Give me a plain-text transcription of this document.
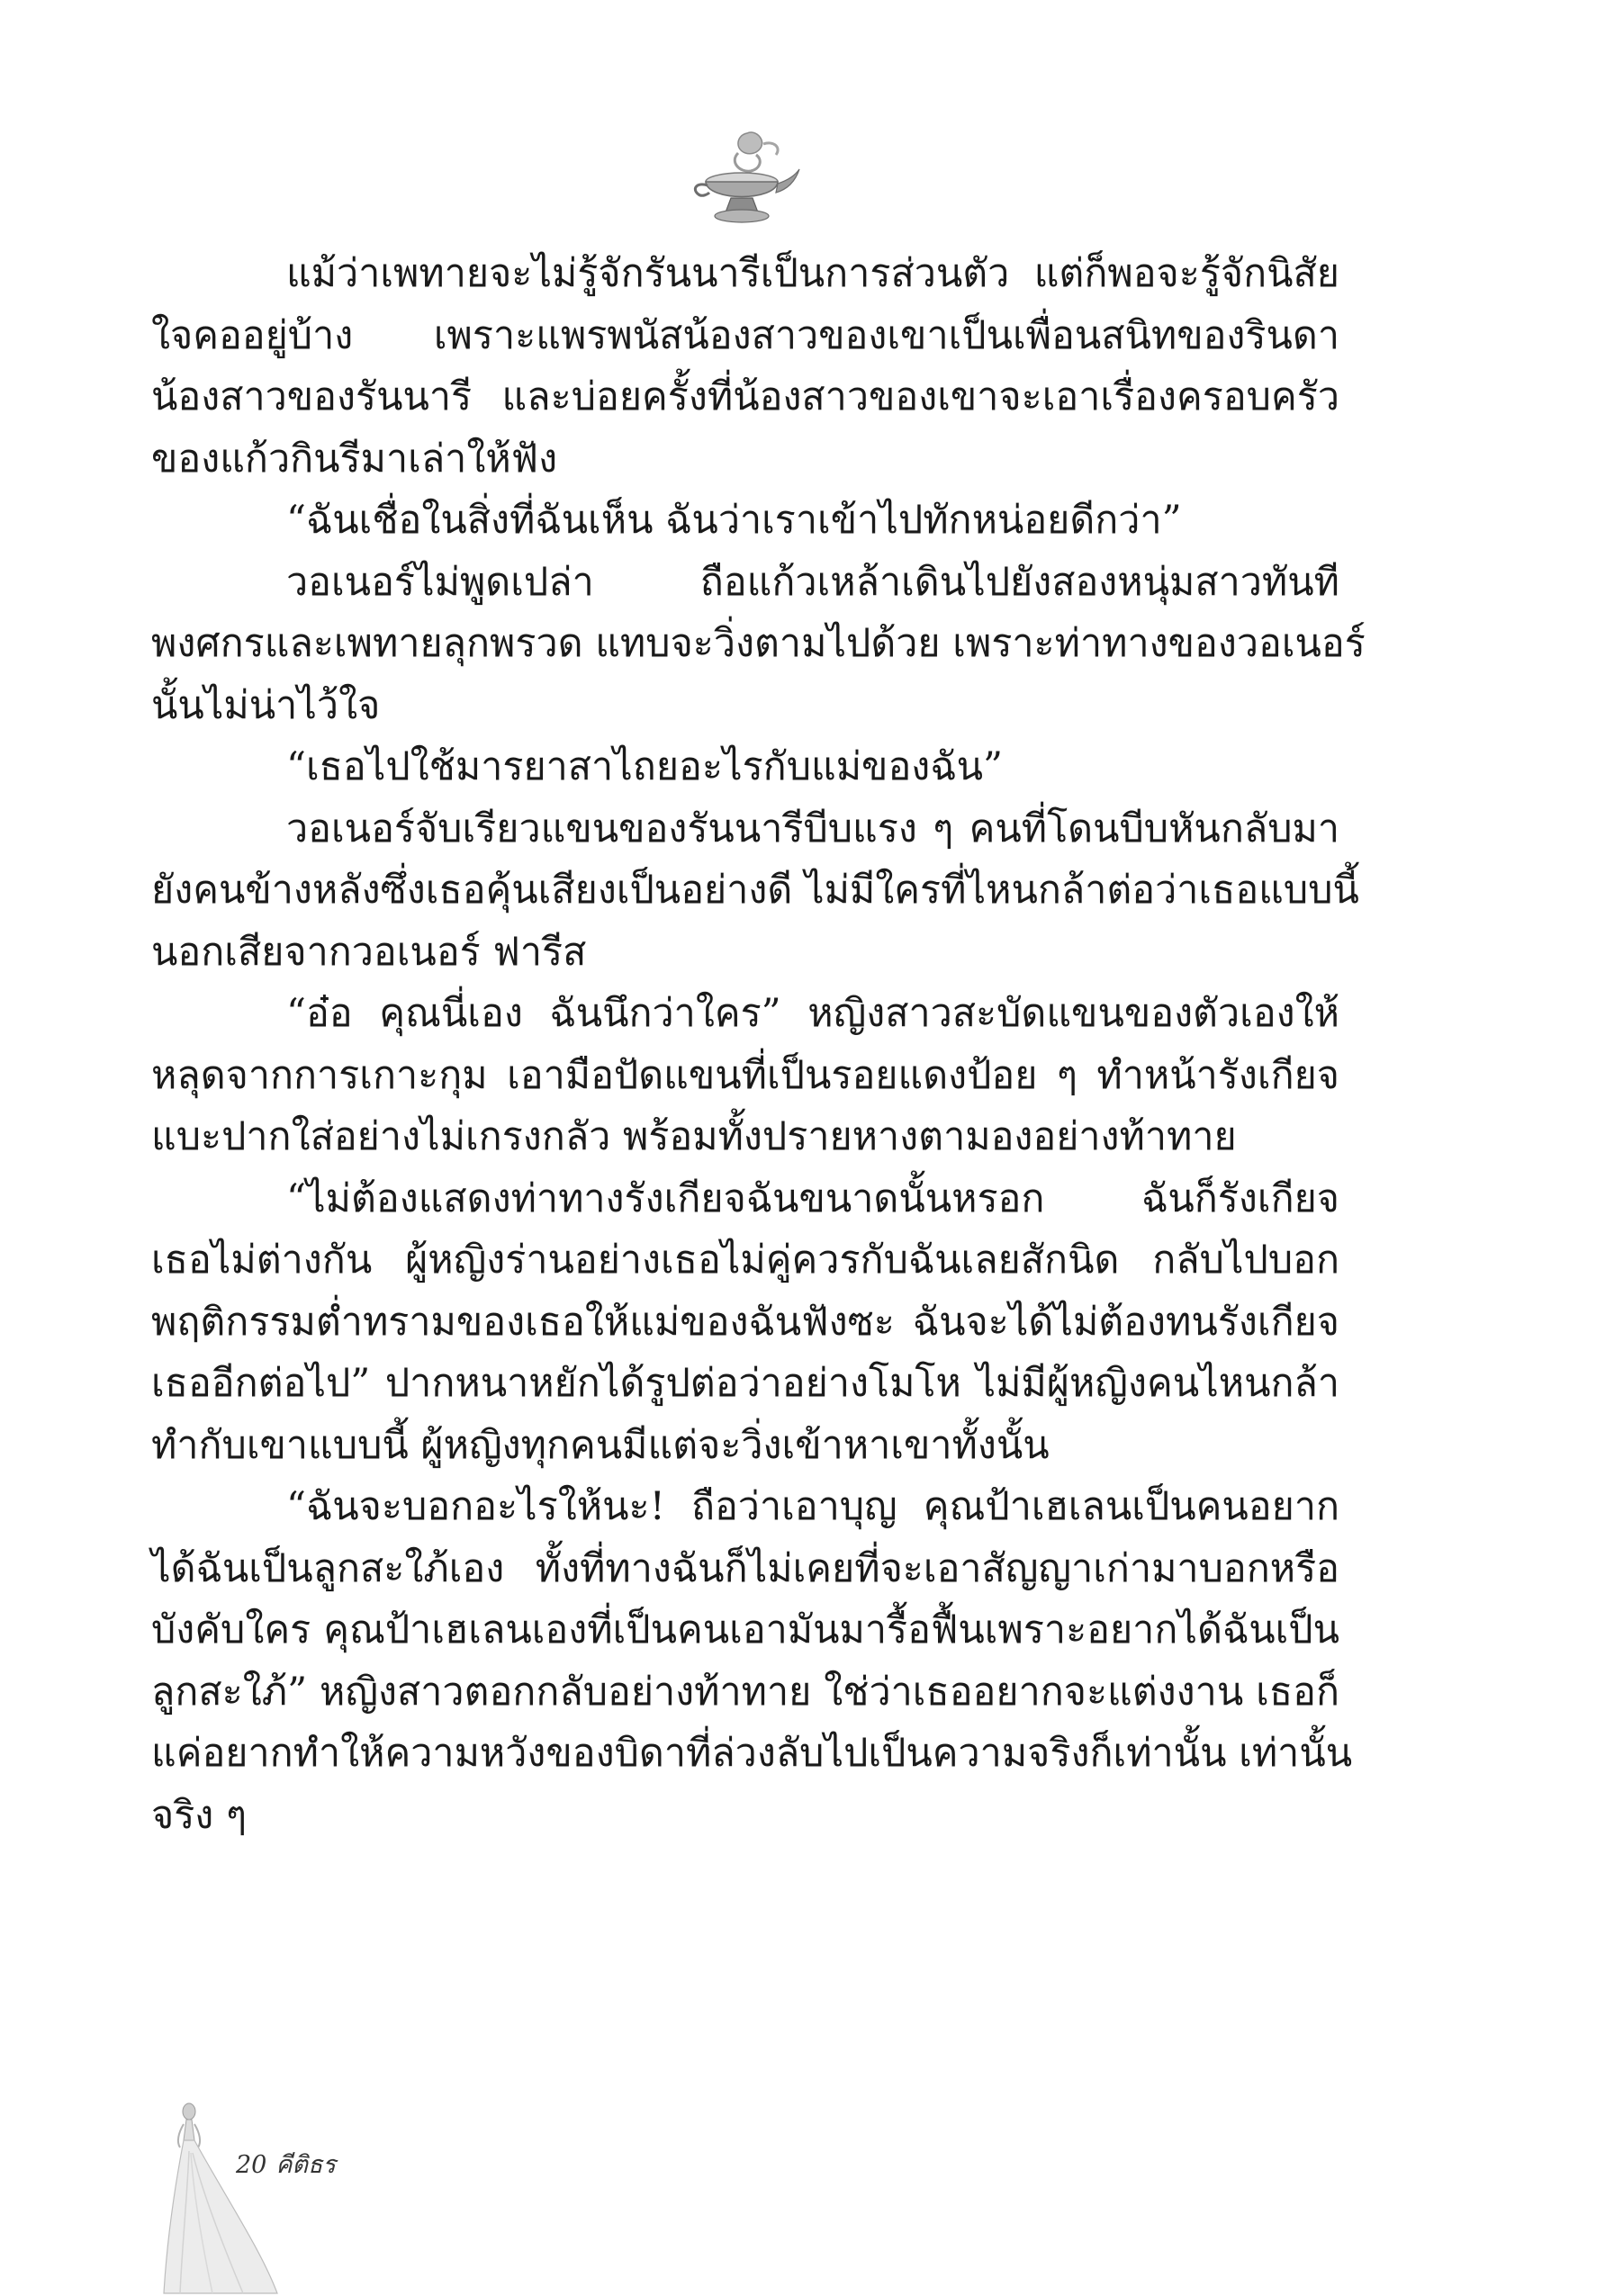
แม้ว่าเพทายจะไม่รู้จักรันนารีเป็นการส่วนตัว แต่ก็พอจะรู้จักนิสัย
ใจคออยู่บ้าง เพราะแพรพนัสน้องสาวของเขาเป็นเพื่อนสนิทของรินดา
น้องสาวของรันนารี และบ่อยครั้งที่น้องสาวของเขาจะเอาเรื่องครอบครัว
ของแก้วกินรีมาเล่าให้ฟัง
“ฉันเชื่อในสิ่งที่ฉันเห็น ฉันว่าเราเข้าไปทักหน่อยดีกว่า”
วอเนอร์ไม่พูดเปล่า ถือแก้วเหล้าเดินไปยังสองหนุ่มสาวทันที
พงศกรและเพทายลุกพรวด แทบจะวิ่งตามไปด้วย เพราะท่าทางของวอเนอร์
นั้นไม่น่าไว้ใจ
“เธอไปใช้มารยาสาไถยอะไรกับแม่ของฉัน”
วอเนอร์จับเรียวแขนของรันนารีบีบแรง ๆ คนที่โดนบีบหันกลับมา
ยังคนข้างหลังซึ่งเธอคุ้นเสียงเป็นอย่างดี ไม่มีใครที่ไหนกล้าต่อว่าเธอแบบนี้
นอกเสียจากวอเนอร์ ฟารีส
“อ๋อ คุณนี่เอง ฉันนึกว่าใคร” หญิงสาวสะบัดแขนของตัวเองให้
หลุดจากการเกาะกุม เอามือปัดแขนที่เป็นรอยแดงป้อย ๆ ทำหน้ารังเกียจ
แบะปากใส่อย่างไม่เกรงกลัว พร้อมทั้งปรายหางตามองอย่างท้าทาย
“ไม่ต้องแสดงท่าทางรังเกียจฉันขนาดนั้นหรอก ฉันก็รังเกียจ
เธอไม่ต่างกัน ผู้หญิงร่านอย่างเธอไม่คู่ควรกับฉันเลยสักนิด กลับไปบอก
พฤติกรรมต่ำทรามของเธอให้แม่ของฉันฟังซะ ฉันจะได้ไม่ต้องทนรังเกียจ
เธออีกต่อไป” ปากหนาหยักได้รูปต่อว่าอย่างโมโห ไม่มีผู้หญิงคนไหนกล้า
ทำกับเขาแบบนี้ ผู้หญิงทุกคนมีแต่จะวิ่งเข้าหาเขาทั้งนั้น
“ฉันจะบอกอะไรให้นะ! ถือว่าเอาบุญ คุณป้าเฮเลนเป็นคนอยาก
ได้ฉันเป็นลูกสะใภ้เอง ทั้งที่ทางฉันก็ไม่เคยที่จะเอาสัญญาเก่ามาบอกหรือ
บังคับใคร คุณป้าเฮเลนเองที่เป็นคนเอามันมารื้อฟื้นเพราะอยากได้ฉันเป็น
ลูกสะใภ้” หญิงสาวตอกกลับอย่างท้าทาย ใช่ว่าเธออยากจะแต่งงาน เธอก็
แค่อยากทำให้ความหวังของบิดาที่ล่วงลับไปเป็นความจริงก็เท่านั้น เท่านั้น
จริง ๆ
20 คีติธร
